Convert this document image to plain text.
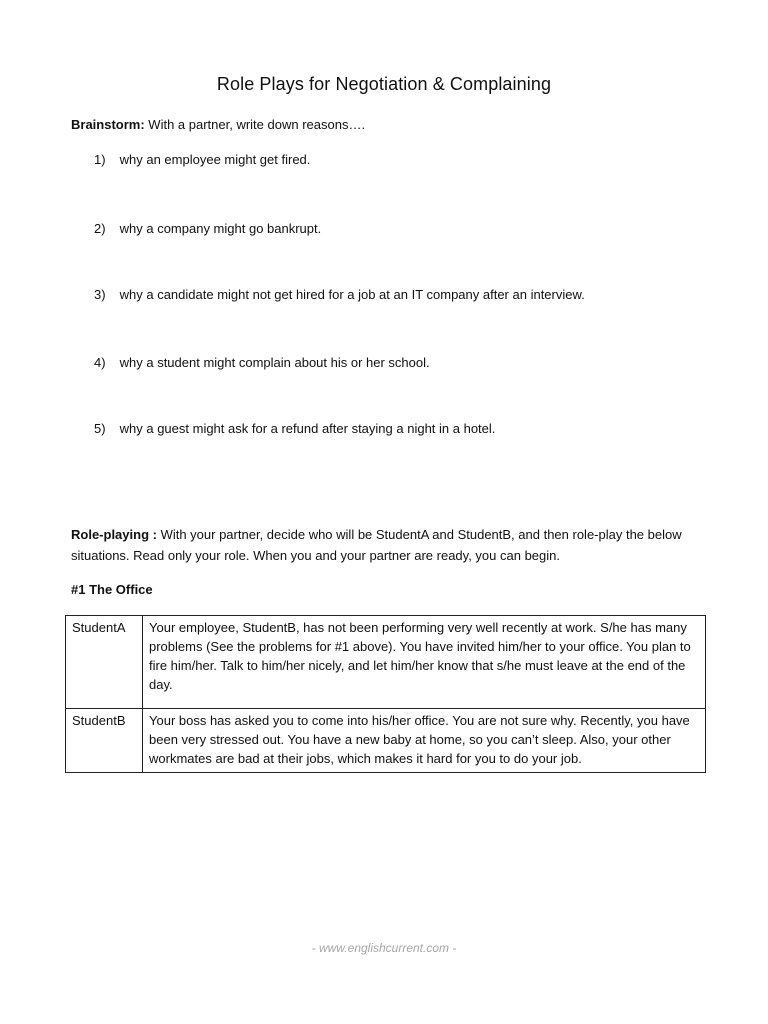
Role Plays for Negotiation & Complaining
Brainstorm: With a partner, write down reasons….
1) why an employee might get fired.
2) why a company might go bankrupt.
3) why a candidate might not get hired for a job at an IT company after an interview.
4) why a student might complain about his or her school.
5) why a guest might ask for a refund after staying a night in a hotel.
Role-playing : With your partner, decide who will be StudentA and StudentB, and then role-play the below situations. Read only your role. When you and your partner are ready, you can begin.
#1 The Office
StudentA	Your employee, StudentB, has not been performing very well recently at work. S/he has many problems (See the problems for #1 above). You have invited him/her to your office. You plan to fire him/her. Talk to him/her nicely, and let him/her know that s/he must leave at the end of the day.
StudentB	Your boss has asked you to come into his/her office. You are not sure why. Recently, you have been very stressed out. You have a new baby at home, so you can’t sleep. Also, your other workmates are bad at their jobs, which makes it hard for you to do your job.
- www.englishcurrent.com -
